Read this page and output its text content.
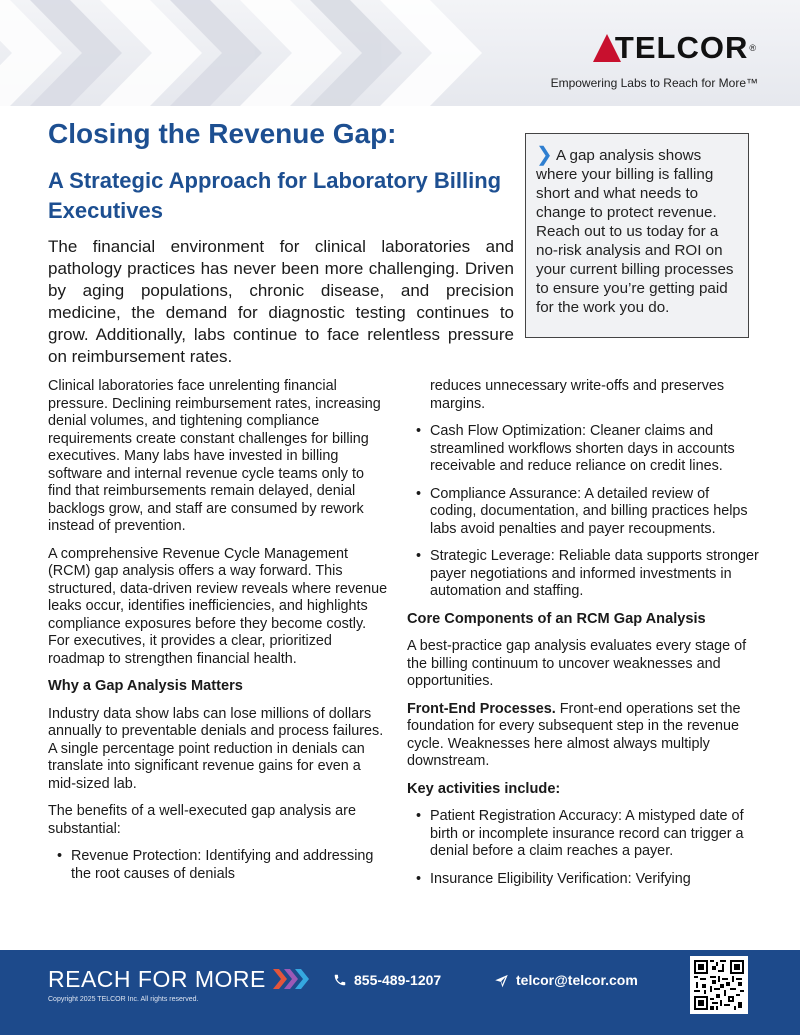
TELCOR ®
Empowering Labs to Reach for More™
Closing the Revenue Gap:
A Strategic Approach for Laboratory Billing Executives

The financial environment for clinical laboratories and pathology practices has never been more challenging. Driven by aging populations, chronic disease, and precision medicine, the demand for diagnostic testing continues to grow. Additionally, labs continue to face relentless pressure on reimbursement rates.

❯ A gap analysis shows where your billing is falling short and what needs to change to protect revenue. Reach out to us today for a no-risk analysis and ROI on your current billing processes to ensure you’re getting paid for the work you do.

Clinical laboratories face unrelenting financial pressure. Declining reimbursement rates, increasing denial volumes, and tightening compliance requirements create constant challenges for billing executives. Many labs have invested in billing software and internal revenue cycle teams only to find that reimbursements remain delayed, denial backlogs grow, and staff are consumed by rework instead of prevention.

A comprehensive Revenue Cycle Management (RCM) gap analysis offers a way forward. This structured, data-driven review reveals where revenue leaks occur, identifies inefficiencies, and highlights compliance exposures before they become costly. For executives, it provides a clear, prioritized roadmap to strengthen financial health.

Why a Gap Analysis Matters

Industry data show labs can lose millions of dollars annually to preventable denials and process failures. A single percentage point reduction in denials can translate into significant revenue gains for even a mid-sized lab.

The benefits of a well-executed gap analysis are substantial:

• Revenue Protection: Identifying and addressing the root causes of denials

reduces unnecessary write-offs and preserves margins.

• Cash Flow Optimization: Cleaner claims and streamlined workflows shorten days in accounts receivable and reduce reliance on credit lines.
• Compliance Assurance: A detailed review of coding, documentation, and billing practices helps labs avoid penalties and payer recoupments.
• Strategic Leverage: Reliable data supports stronger payer negotiations and informed investments in automation and staffing.
Core Components of an RCM Gap Analysis

A best-practice gap analysis evaluates every stage of the billing continuum to uncover weaknesses and opportunities.

Front-End Processes. Front-end operations set the foundation for every subsequent step in the revenue cycle. Weaknesses here almost always multiply downstream.

Key activities include:
• Patient Registration Accuracy: A mistyped date of birth or incomplete insurance record can trigger a denial before a claim reaches a payer.
• Insurance Eligibility Verification: Verifying
REACH FOR MORE
Copyright 2025 TELCOR Inc. All rights reserved.
855-489-1207	telcor@telcor.com
